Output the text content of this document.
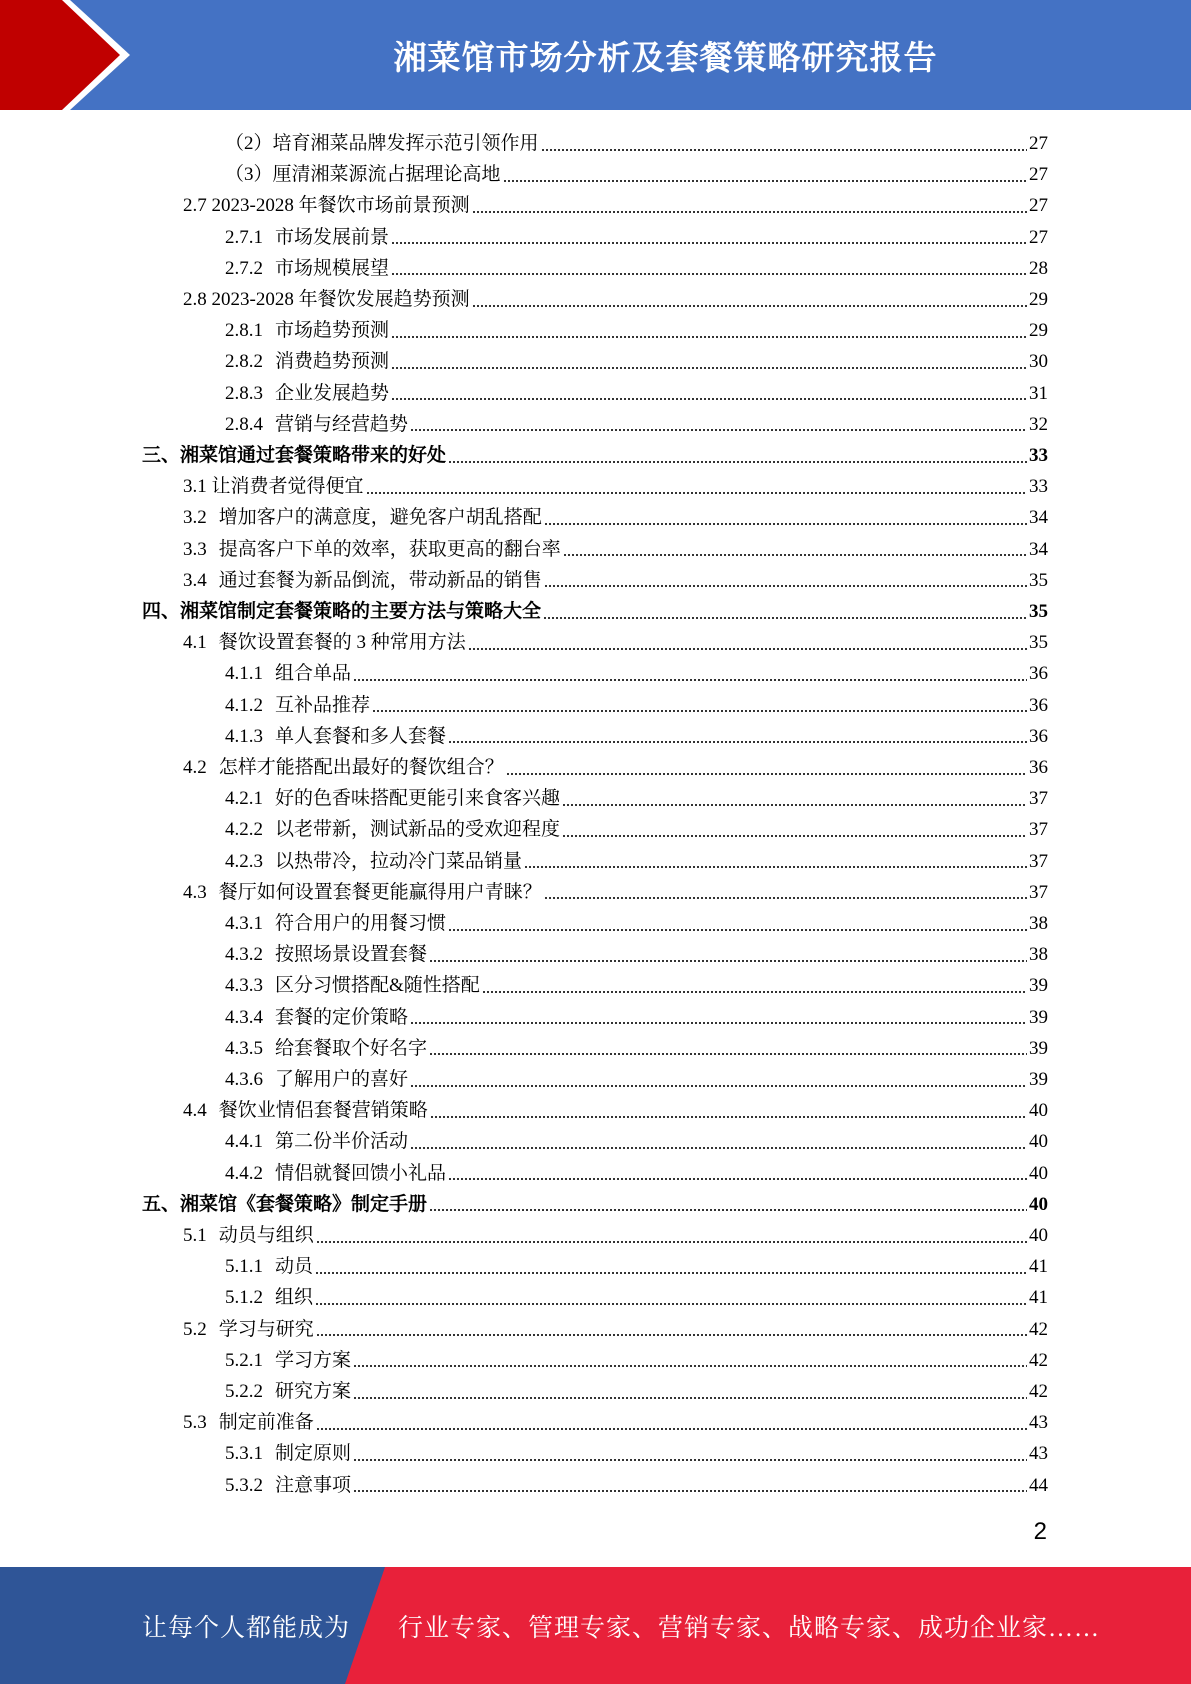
湘菜馆市场分析及套餐策略研究报告
（2）培育湘菜品牌发挥示范引领作用	27
（3）厘清湘菜源流占据理论高地	27
2.7 2023-2028 年餐饮市场前景预测	27
2.7.1 市场发展前景	27
2.7.2 市场规模展望	28
2.8 2023-2028 年餐饮发展趋势预测	29
2.8.1 市场趋势预测	29
2.8.2 消费趋势预测	30
2.8.3 企业发展趋势	31
2.8.4 营销与经营趋势	32
三、湘菜馆通过套餐策略带来的好处	33
3.1 让消费者觉得便宜	33
3.2 增加客户的满意度，避免客户胡乱搭配	34
3.3 提高客户下单的效率，获取更高的翻台率	34
3.4 通过套餐为新品倒流，带动新品的销售	35
四、湘菜馆制定套餐策略的主要方法与策略大全	35
4.1 餐饮设置套餐的 3 种常用方法	35
4.1.1 组合单品	36
4.1.2 互补品推荐	36
4.1.3 单人套餐和多人套餐	36
4.2 怎样才能搭配出最好的餐饮组合？	36
4.2.1 好的色香味搭配更能引来食客兴趣	37
4.2.2 以老带新，测试新品的受欢迎程度	37
4.2.3 以热带冷，拉动冷门菜品销量	37
4.3 餐厅如何设置套餐更能赢得用户青睐？	37
4.3.1 符合用户的用餐习惯	38
4.3.2 按照场景设置套餐	38
4.3.3 区分习惯搭配&随性搭配	39
4.3.4 套餐的定价策略	39
4.3.5 给套餐取个好名字	39
4.3.6 了解用户的喜好	39
4.4 餐饮业情侣套餐营销策略	40
4.4.1 第二份半价活动	40
4.4.2 情侣就餐回馈小礼品	40
五、湘菜馆《套餐策略》制定手册	40
5.1 动员与组织	40
5.1.1 动员	41
5.1.2 组织	41
5.2 学习与研究	42
5.2.1 学习方案	42
5.2.2 研究方案	42
5.3 制定前准备	43
5.3.1 制定原则	43
5.3.2 注意事项	44
2
让每个人都能成为 行业专家、管理专家、营销专家、战略专家、成功企业家……
